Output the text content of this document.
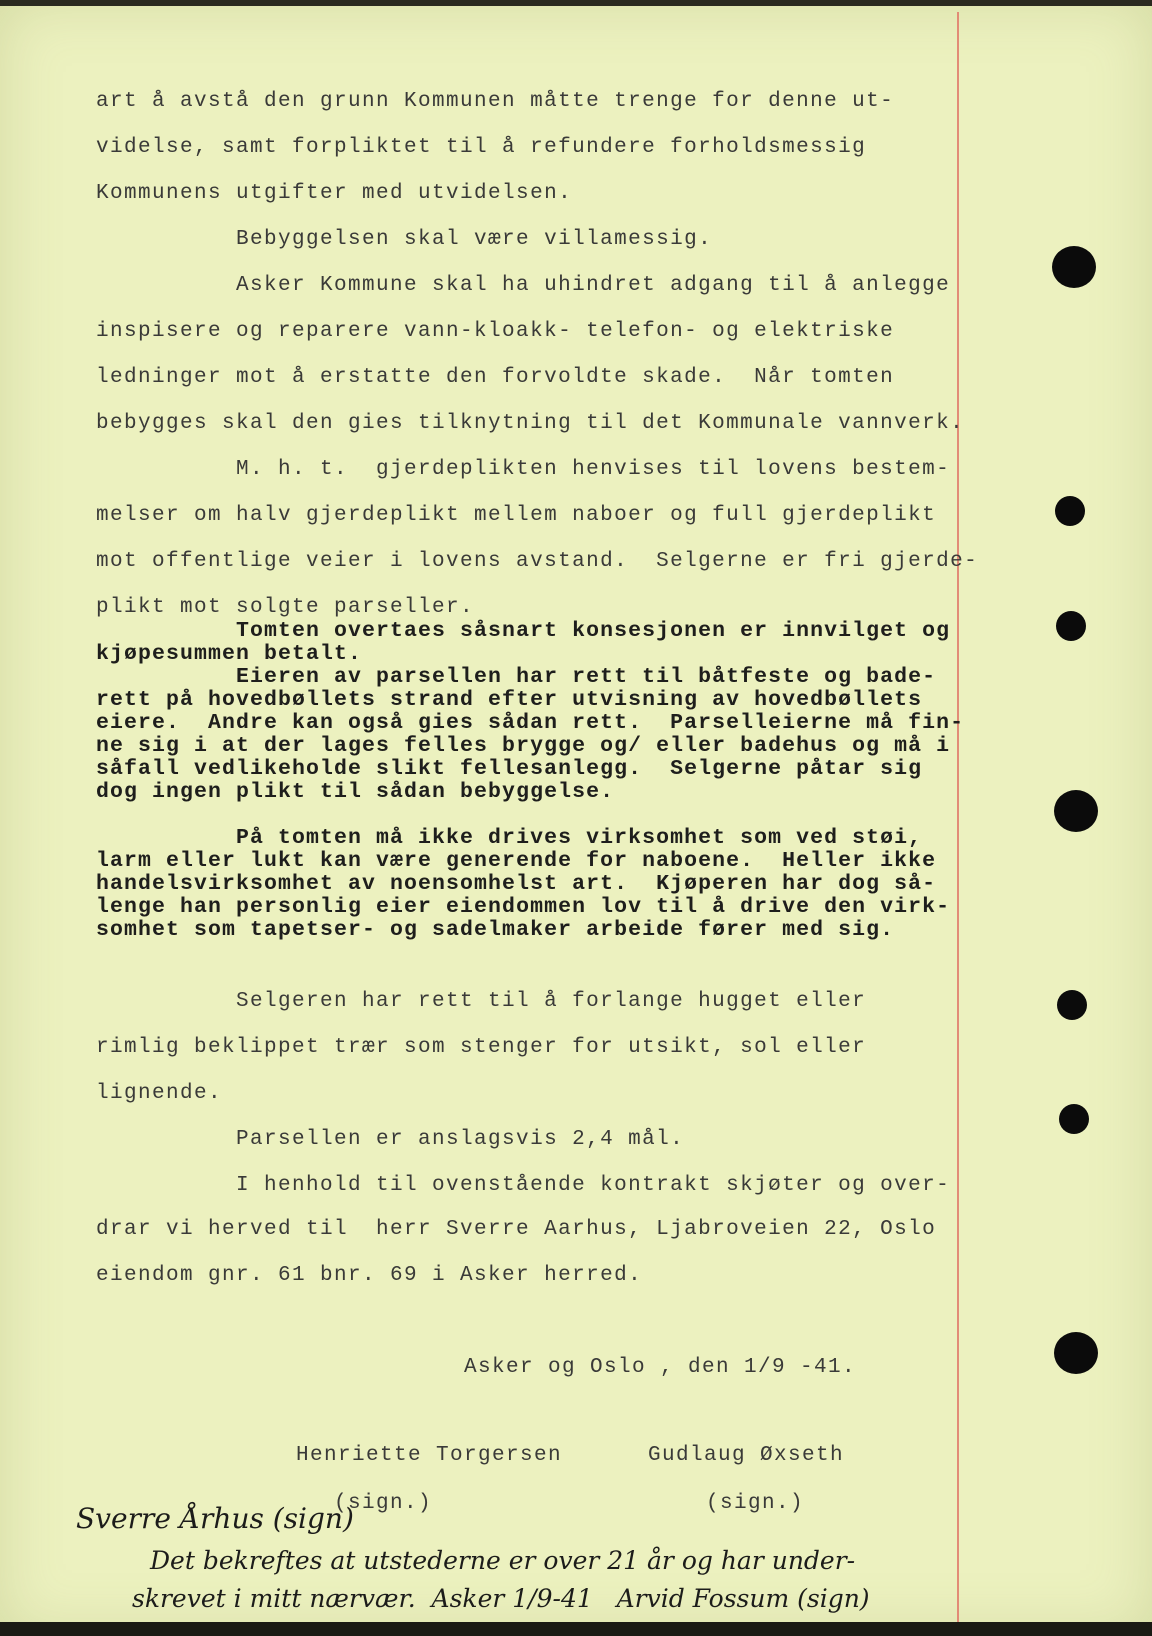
art å avstå den grunn Kommunen måtte trenge for denne ut-
videlse, samt forpliktet til å refundere forholdsmessig
Kommunens utgifter med utvidelsen.
Bebyggelsen skal være villamessig.
Asker Kommune skal ha uhindret adgang til å anlegge
inspisere og reparere vann-kloakk- telefon- og elektriske
ledninger mot å erstatte den forvoldte skade.  Når tomten
bebygges skal den gies tilknytning til det Kommunale vannverk.
M. h. t.  gjerdeplikten henvises til lovens bestem-
melser om halv gjerdeplikt mellem naboer og full gjerdeplikt
mot offentlige veier i lovens avstand.  Selgerne er fri gjerde-
plikt mot solgte parseller.
Tomten overtaes såsnart konsesjonen er innvilget og
kjøpesummen betalt.
Eieren av parsellen har rett til båtfeste og bade-
rett på hovedbøllets strand efter utvisning av hovedbøllets
eiere.  Andre kan også gies sådan rett.  Parselleierne må fin-
ne sig i at der lages felles brygge og/ eller badehus og må i
såfall vedlikeholde slikt fellesanlegg.  Selgerne påtar sig
dog ingen plikt til sådan bebyggelse.
På tomten må ikke drives virksomhet som ved støi,
larm eller lukt kan være generende for naboene.  Heller ikke
handelsvirksomhet av noensomhelst art.  Kjøperen har dog så-
lenge han personlig eier eiendommen lov til å drive den virk-
somhet som tapetser- og sadelmaker arbeide fører med sig.
Selgeren har rett til å forlange hugget eller
rimlig beklippet trær som stenger for utsikt, sol eller
lignende.
Parsellen er anslagsvis 2,4 mål.
I henhold til ovenstående kontrakt skjøter og over-
drar vi herved til  herr Sverre Aarhus, Ljabroveien 22, Oslo
eiendom gnr. 61 bnr. 69 i Asker herred.
Asker og Oslo , den 1/9 -41.
Henriette Torgersen	Gudlaug Øxseth
(sign.)	(sign.)
Sverre Århus (sign)
Det bekreftes at utstederne er over 21 år og har under-
skrevet i mitt nærvær.  Asker 1/9-41   Arvid Fossum (sign)
